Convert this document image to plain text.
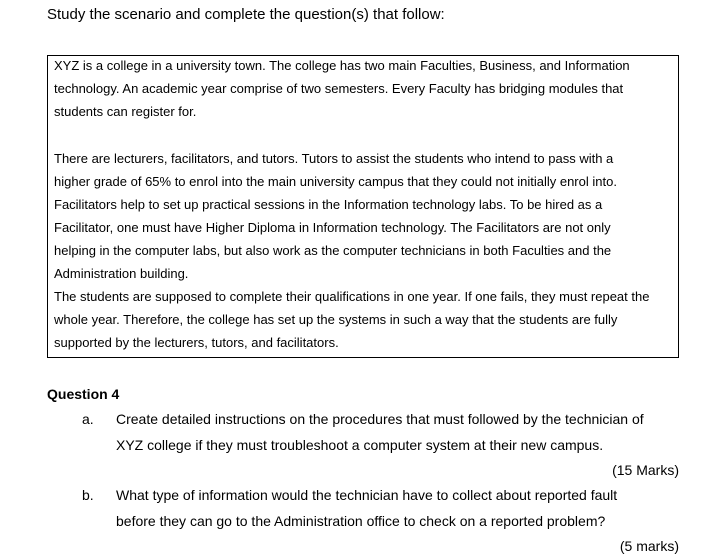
Study the scenario and complete the question(s) that follow:
XYZ is a college in a university town. The college has two main Faculties, Business, and Information
technology. An academic year comprise of two semesters. Every Faculty has bridging modules that
students can register for.
There are lecturers, facilitators, and tutors. Tutors to assist the students who intend to pass with a
higher grade of 65% to enrol into the main university campus that they could not initially enrol into.
Facilitators help to set up practical sessions in the Information technology labs. To be hired as a
Facilitator, one must have Higher Diploma in Information technology. The Facilitators are not only
helping in the computer labs, but also work as the computer technicians in both Faculties and the
Administration building.
The students are supposed to complete their qualifications in one year. If one fails, they must repeat the
whole year. Therefore, the college has set up the systems in such a way that the students are fully
supported by the lecturers, tutors, and facilitators.
Question 4
a. Create detailed instructions on the procedures that must followed by the technician of
XYZ college if they must troubleshoot a computer system at their new campus.
(15 Marks)
b. What type of information would the technician have to collect about reported fault
before they can go to the Administration office to check on a reported problem?
(5 marks)
